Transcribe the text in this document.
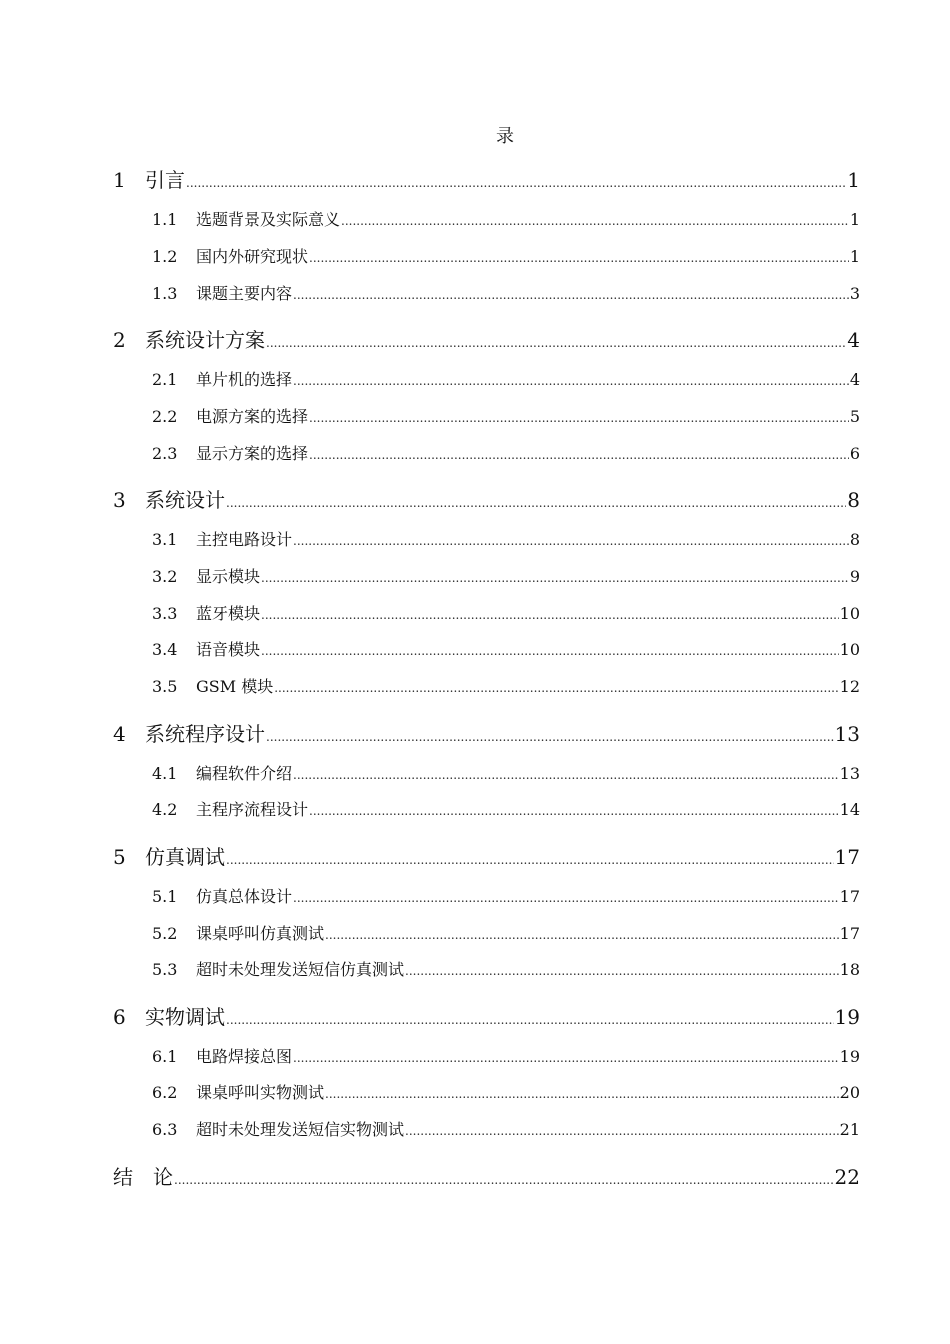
录
1 引言 .....	1
1.1	选题背景及实际意义 .....	1
1.2	国内外研究现状 .....	1
1.3	课题主要内容 .....	3
2 系统设计方案 .....	4
2.1	单片机的选择 .....	4
2.2	电源方案的选择 .....	5
2.3	显示方案的选择 .....	6
3 系统设计 .....	8
3.1	主控电路设计 .....	8
3.2	显示模块 .....	9
3.3	蓝牙模块 .....	10
3.4	语音模块 .....	10
3.5	GSM 模块 .....	12
4 系统程序设计 .....	13
4.1	编程软件介绍 .....	13
4.2	主程序流程设计 .....	14
5 仿真调试 .....	17
5.1	仿真总体设计 .....	17
5.2	课桌呼叫仿真测试 .....	17
5.3	超时未处理发送短信仿真测试 .....	18
6 实物调试 .....	19
6.1	电路焊接总图 .....	19
6.2	课桌呼叫实物测试 .....	20
6.3	超时未处理发送短信实物测试 .....	21
结　论 .....	22
